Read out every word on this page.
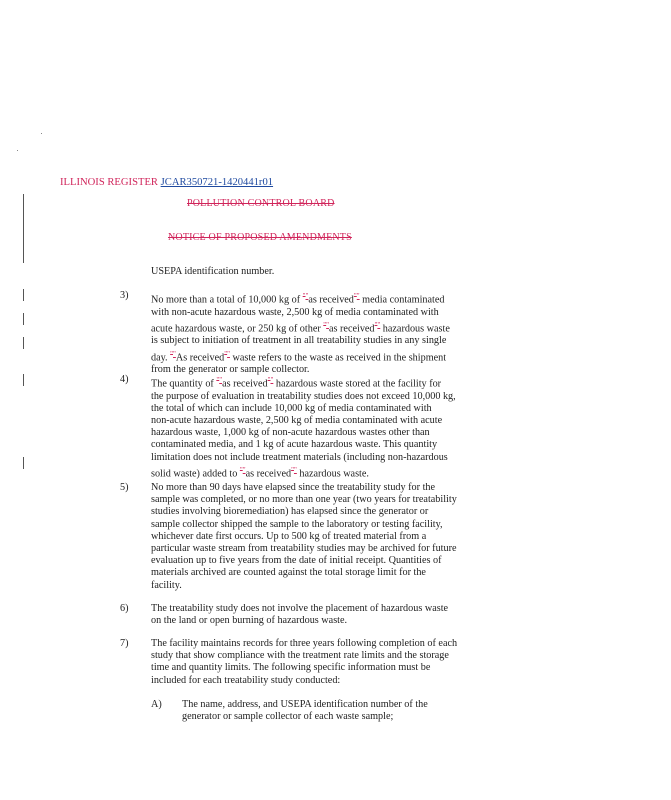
ILLINOIS REGISTER JCAR350721-1420441r01
POLLUTION CONTROL BOARD
NOTICE OF PROPOSED AMENDMENTS
USEPA identification number.
3) No more than a total of 10,000 kg of ""as received"" media contaminated
with non-acute hazardous waste, 2,500 kg of media contaminated with
acute hazardous waste, or 250 kg of other ""as received"" hazardous waste
is subject to initiation of treatment in all treatability studies in any single
day. ""As received"" waste refers to the waste as received in the shipment
from the generator or sample collector.
4) The quantity of ""as received"" hazardous waste stored at the facility for
the purpose of evaluation in treatability studies does not exceed 10,000 kg,
the total of which can include 10,000 kg of media contaminated with
non-acute hazardous waste, 2,500 kg of media contaminated with acute
hazardous waste, 1,000 kg of non-acute hazardous wastes other than
contaminated media, and 1 kg of acute hazardous waste. This quantity
limitation does not include treatment materials (including non-hazardous
solid waste) added to ""as received"" hazardous waste.
5) No more than 90 days have elapsed since the treatability study for the
sample was completed, or no more than one year (two years for treatability
studies involving bioremediation) has elapsed since the generator or
sample collector shipped the sample to the laboratory or testing facility,
whichever date first occurs. Up to 500 kg of treated material from a
particular waste stream from treatability studies may be archived for future
evaluation up to five years from the date of initial receipt. Quantities of
materials archived are counted against the total storage limit for the
facility.
6) The treatability study does not involve the placement of hazardous waste
on the land or open burning of hazardous waste.
7) The facility maintains records for three years following completion of each
study that show compliance with the treatment rate limits and the storage
time and quantity limits. The following specific information must be
included for each treatability study conducted:
A) The name, address, and USEPA identification number of the
generator or sample collector of each waste sample;
